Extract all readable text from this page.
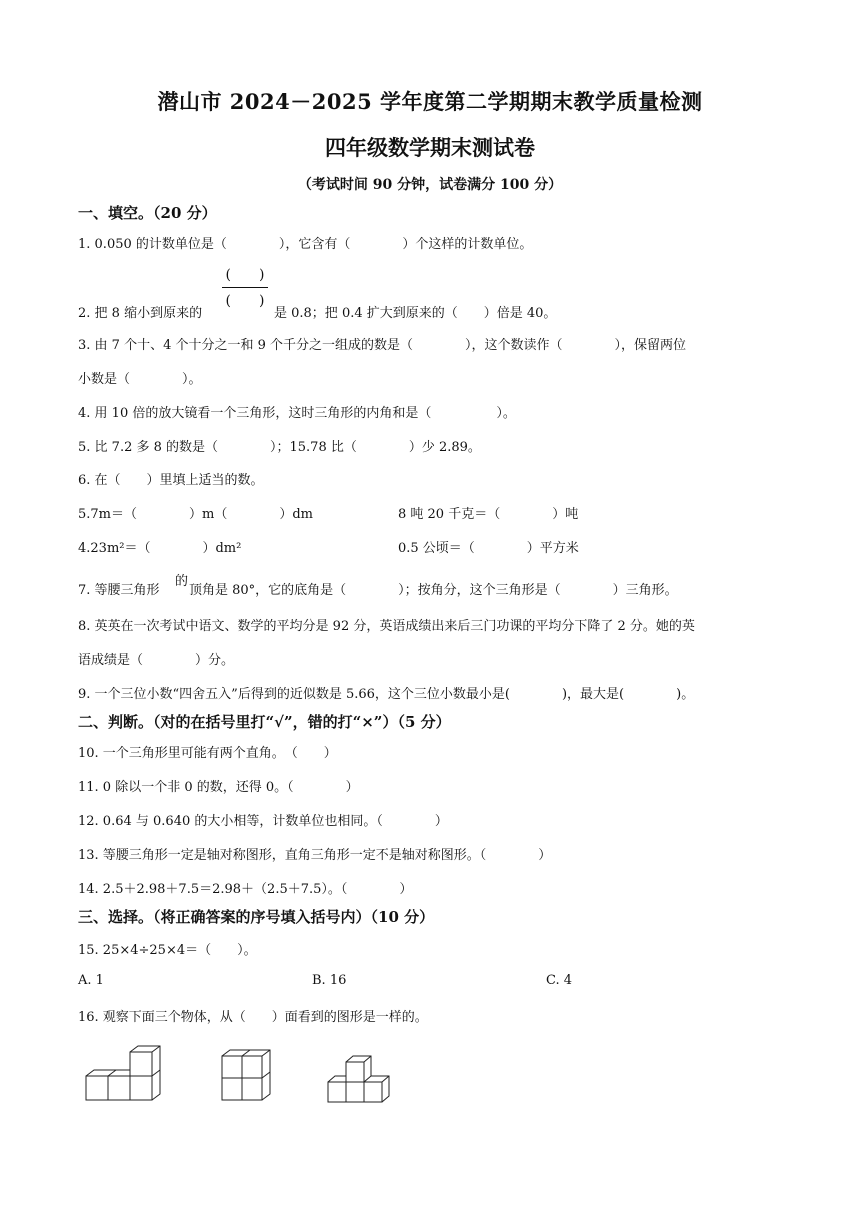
潜山市 2024－2025 学年度第二学期期末教学质量检测
四年级数学期末测试卷
（考试时间 90 分钟，试卷满分 100 分）
一、填空。（20 分）
1. 0.050 的计数单位是（　　　　），它含有（　　　　）个这样的计数单位。
2. 把 8 缩小到原来的
(　　)
(　　)
是 0.8；把 0.4 扩大到原来的（　　）倍是 40。
3. 由 7 个十、4 个十分之一和 9 个千分之一组成的数是（　　　　），这个数读作（　　　　），保留两位
小数是（　　　　）。
4. 用 10 倍的放大镜看一个三角形，这时三角形的内角和是（　　　　　）。
5. 比 7.2 多 8 的数是（　　　　）；15.78 比（　　　　）少 2.89。
6. 在（　　）里填上适当的数。
5.7m＝（　　　　）m（　　　　）dm	8 吨 20 千克＝（　　　　）吨
4.23m²＝（　　　　）dm²	0.5 公顷＝（　　　　）平方米
7. 等腰三角形
的
顶角是 80°，它的底角是（　　　　）；按角分，这个三角形是（　　　　）三角形。
8. 英英在一次考试中语文、数学的平均分是 92 分，英语成绩出来后三门功课的平均分下降了 2 分。她的英
语成绩是（　　　　）分。
9. 一个三位小数“四舍五入”后得到的近似数是 5.66，这个三位小数最小是(　　　　)，最大是(　　　　)。
二、判断。（对的在括号里打“√”，错的打“×”）（5 分）
10. 一个三角形里可能有两个直角。　（　　）
11. 0 除以一个非 0 的数，还得 0。（　　　　）
12. 0.64 与 0.640 的大小相等，计数单位也相同。（　　　　）
13. 等腰三角形一定是轴对称图形，直角三角形一定不是轴对称图形。（　　　　）
14. 2.5＋2.98＋7.5＝2.98＋（2.5＋7.5）。（　　　　）
三、选择。（将正确答案的序号填入括号内）（10 分）
15. 25×4÷25×4＝（　　）。
A. 1	B. 16	C. 4
16. 观察下面三个物体，从（　　）面看到的图形是一样的。
